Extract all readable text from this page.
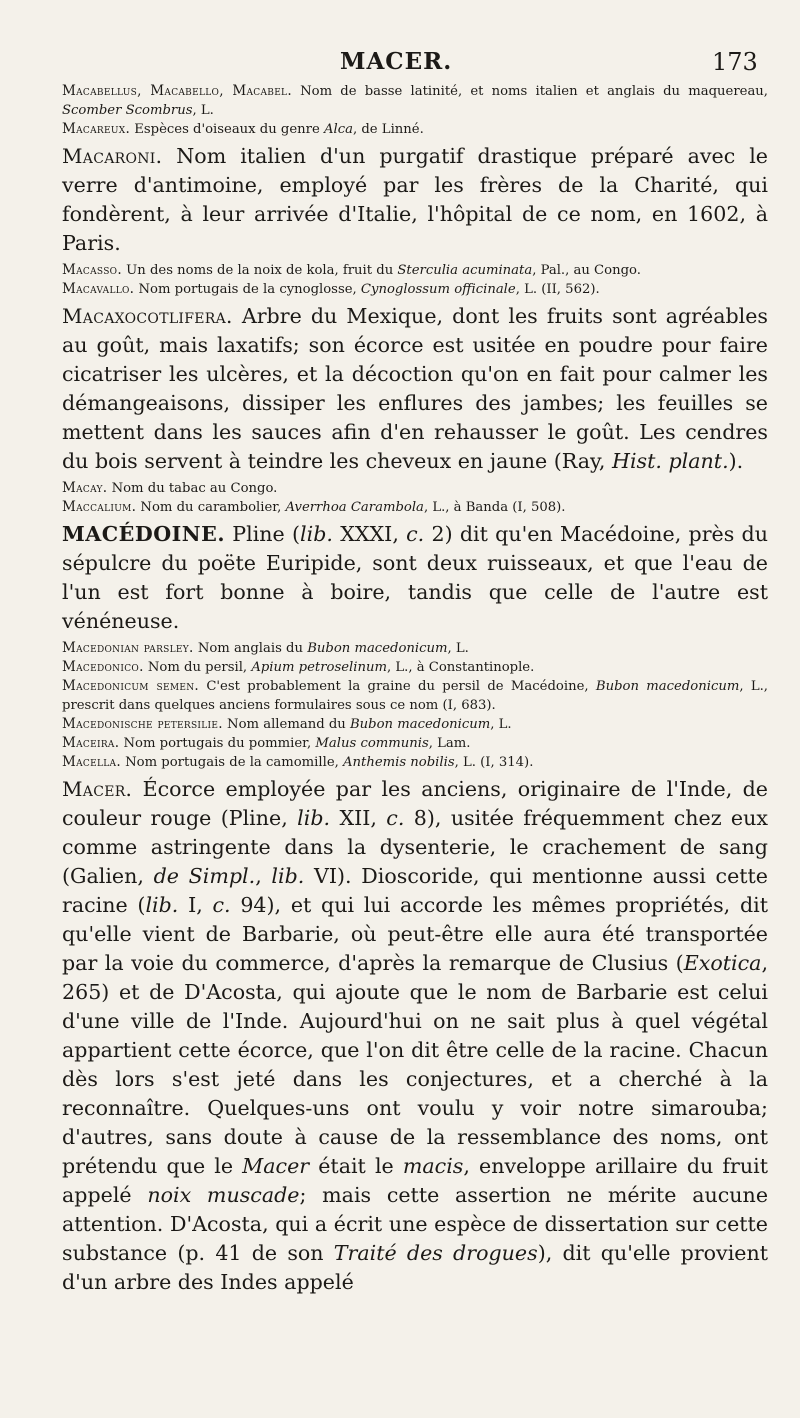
MACER.	173

Macabellus, Macabello, Macabel. Nom de basse latinité, et noms italien et anglais du maquereau, Scomber Scombrus, L.

Macareux. Espèces d'oiseaux du genre Alca, de Linné.

Macaroni. Nom italien d'un purgatif drastique préparé avec le verre d'antimoine, employé par les frères de la Charité, qui fondèrent, à leur arrivée d'Italie, l'hôpital de ce nom, en 1602, à Paris.

Macasso. Un des noms de la noix de kola, fruit du Sterculia acuminata, Pal., au Congo.

Macavallo. Nom portugais de la cynoglosse, Cynoglossum officinale, L. (II, 562).

Macaxocotlifera. Arbre du Mexique, dont les fruits sont agréables au goût, mais laxatifs; son écorce est usitée en poudre pour faire cicatriser les ulcères, et la décoction qu'on en fait pour calmer les démangeaisons, dissiper les enflures des jambes; les feuilles se mettent dans les sauces afin d'en rehausser le goût. Les cendres du bois servent à teindre les cheveux en jaune (Ray, Hist. plant.).

Macay. Nom du tabac au Congo.

Maccalium. Nom du carambolier, Averrhoa Carambola, L., à Banda (I, 508).

MACÉDOINE. Pline (lib. XXXI, c. 2) dit qu'en Macédoine, près du sépulcre du poëte Euripide, sont deux ruisseaux, et que l'eau de l'un est fort bonne à boire, tandis que celle de l'autre est vénéneuse.

Macedonian parsley. Nom anglais du Bubon macedonicum, L.

Macedonico. Nom du persil, Apium petroselinum, L., à Constantinople.

Macedonicum semen. C'est probablement la graine du persil de Macédoine, Bubon macedonicum, L., prescrit dans quelques anciens formulaires sous ce nom (I, 683).

Macedonische petersilie. Nom allemand du Bubon macedonicum, L.

Maceira. Nom portugais du pommier, Malus communis, Lam.

Macella. Nom portugais de la camomille, Anthemis nobilis, L. (I, 314).

Macer. Écorce employée par les anciens, originaire de l'Inde, de couleur rouge (Pline, lib. XII, c. 8), usitée fréquemment chez eux comme astringente dans la dysenterie, le crachement de sang (Galien, de Simpl., lib. VI). Dioscoride, qui mentionne aussi cette racine (lib. I, c. 94), et qui lui accorde les mêmes propriétés, dit qu'elle vient de Barbarie, où peut-être elle aura été transportée par la voie du commerce, d'après la remarque de Clusius (Exotica, 265) et de D'Acosta, qui ajoute que le nom de Barbarie est celui d'une ville de l'Inde. Aujourd'hui on ne sait plus à quel végétal appartient cette écorce, que l'on dit être celle de la racine. Chacun dès lors s'est jeté dans les conjectures, et a cherché à la reconnaître. Quelques-uns ont voulu y voir notre simarouba; d'autres, sans doute à cause de la ressemblance des noms, ont prétendu que le Macer était le macis, enveloppe arillaire du fruit appelé noix muscade; mais cette assertion ne mérite aucune attention. D'Acosta, qui a écrit une espèce de dissertation sur cette substance (p. 41 de son Traité des drogues), dit qu'elle provient d'un arbre des Indes appelé
